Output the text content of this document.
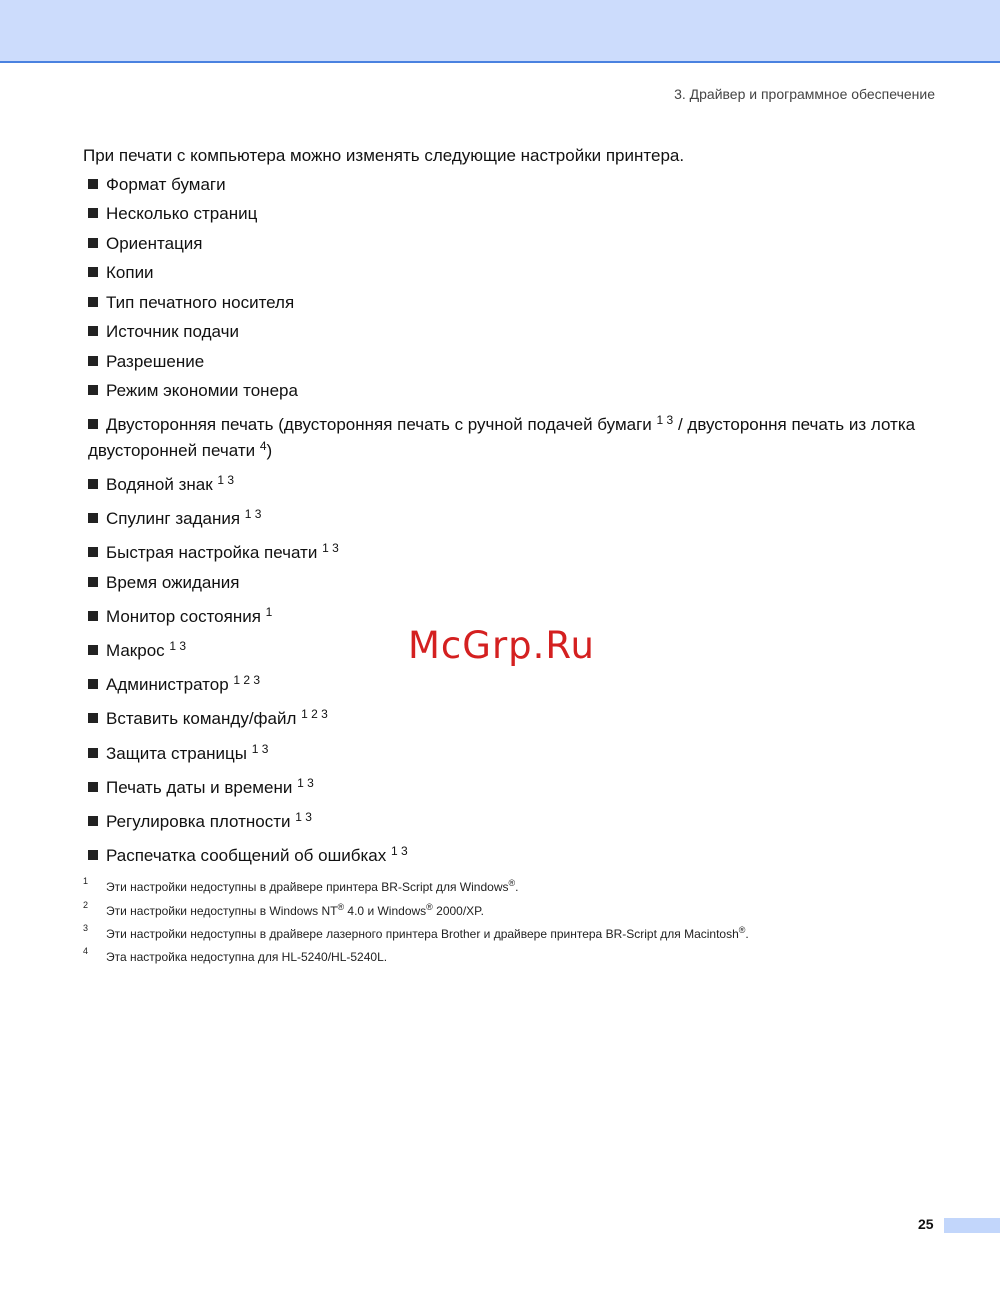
3. Драйвер и программное обеспечение
При печати с компьютера можно изменять следующие настройки принтера.
Формат бумаги
Несколько страниц
Ориентация
Копии
Тип печатного носителя
Источник подачи
Разрешение
Режим экономии тонера
Двусторонняя печать (двусторонняя печать с ручной подачей бумаги $^{1 3}$ / двустороння печать из лотка двусторонней печати $^4$)
Водяной знак $^{1 3}$
Спулинг задания $^{1 3}$
Быстрая настройка печати $^{1 3}$
Время ожидания
Монитор состояния $^1$
Макрос $^{1 3}$
Администратор $^{1 2 3}$
Вставить команду/файл $^{1 2 3}$
Защита страницы $^{1 3}$
Печать даты и времени $^{1 3}$
Регулировка плотности $^{1 3}$
Распечатка сообщений об ошибках $^{1 3}$
1 Эти настройки недоступны в драйвере принтера BR-Script для Windows®.
2 Эти настройки недоступны в Windows NT® 4.0 и Windows® 2000/XP.
3 Эти настройки недоступны в драйвере лазерного принтера Brother и драйвере принтера BR-Script для Macintosh®.
4 Эта настройка недоступна для HL-5240/HL-5240L.
McGrp.Ru
25
